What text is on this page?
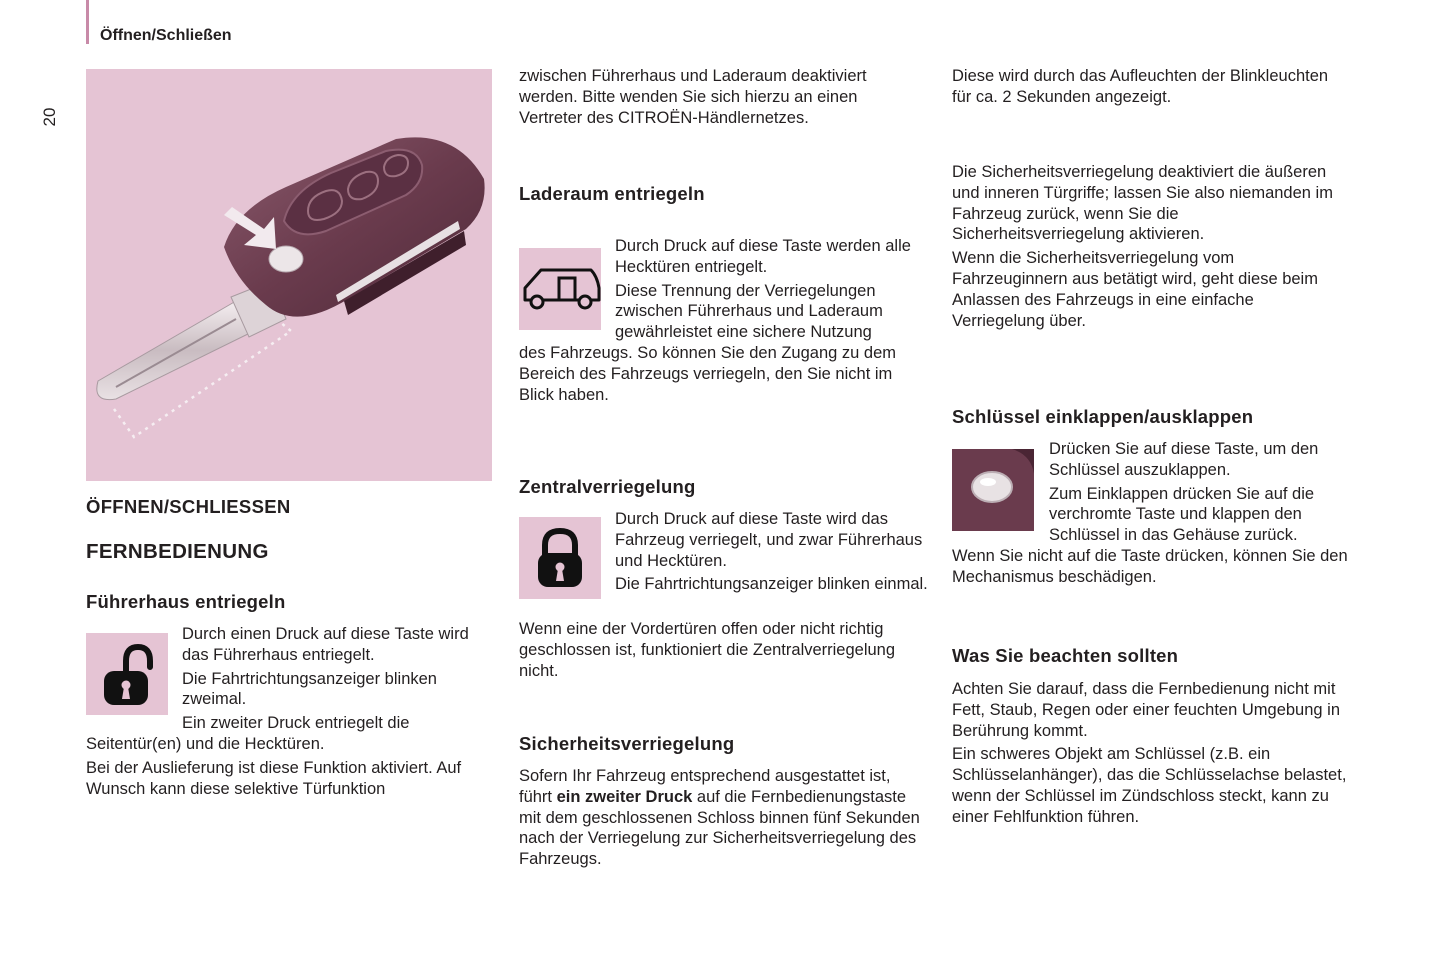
Öffnen/Schließen
20
ÖFFNEN/SCHLIESSEN
FERNBEDIENUNG
Führerhaus entriegeln

Durch einen Druck auf diese Taste wird das Führerhaus entriegelt.

Die Fahrtrichtungsanzeiger blinken zweimal.

Ein zweiter Druck entriegelt die

Seitentür(en) und die Hecktüren.

Bei der Auslieferung ist diese Funktion aktiviert. Auf Wunsch kann diese selektive Türfunktion

zwischen Führerhaus und Laderaum deaktiviert werden. Bitte wenden Sie sich hierzu an einen Vertreter des CITROËN-Händlernetzes.

Laderaum entriegeln

Durch Druck auf diese Taste werden alle Hecktüren entriegelt.

Diese Trennung der Verriegelungen zwischen Führerhaus und Laderaum gewährleistet eine sichere Nutzung

des Fahrzeugs. So können Sie den Zugang zu dem Bereich des Fahrzeugs verriegeln, den Sie nicht im Blick haben.

Zentralverriegelung

Durch Druck auf diese Taste wird das Fahrzeug verriegelt, und zwar Führerhaus und Hecktüren.

Die Fahrtrichtungsanzeiger blinken einmal.

Wenn eine der Vordertüren offen oder nicht richtig geschlossen ist, funktioniert die Zentralverriegelung nicht.

Sicherheitsverriegelung

Sofern Ihr Fahrzeug entsprechend ausgestattet ist, führt ein zweiter Druck auf die Fernbedienungstaste mit dem geschlossenen Schloss binnen fünf Sekunden nach der Verriegelung zur Sicherheitsverriegelung des Fahrzeugs.

Diese wird durch das Aufleuchten der Blinkleuchten für ca. 2 Sekunden angezeigt.

Die Sicherheitsverriegelung deaktiviert die äußeren und inneren Türgriffe; lassen Sie also niemanden im Fahrzeug zurück, wenn Sie die Sicherheitsverriegelung aktivieren.

Wenn die Sicherheitsverriegelung vom Fahrzeuginnern aus betätigt wird, geht diese beim Anlassen des Fahrzeugs in eine einfache Verriegelung über.

Schlüssel einklappen/ausklappen

Drücken Sie auf diese Taste, um den Schlüssel auszuklappen.

Zum Einklappen drücken Sie auf die verchromte Taste und klappen den Schlüssel in das Gehäuse zurück.

Wenn Sie nicht auf die Taste drücken, können Sie den Mechanismus beschädigen.

Was Sie beachten sollten

Achten Sie darauf, dass die Fernbedienung nicht mit Fett, Staub, Regen oder einer feuchten Umgebung in Berührung kommt.

Ein schweres Objekt am Schlüssel (z.B. ein Schlüsselanhänger), das die Schlüsselachse belastet, wenn der Schlüssel im Zündschloss steckt, kann zu einer Fehlfunktion führen.
